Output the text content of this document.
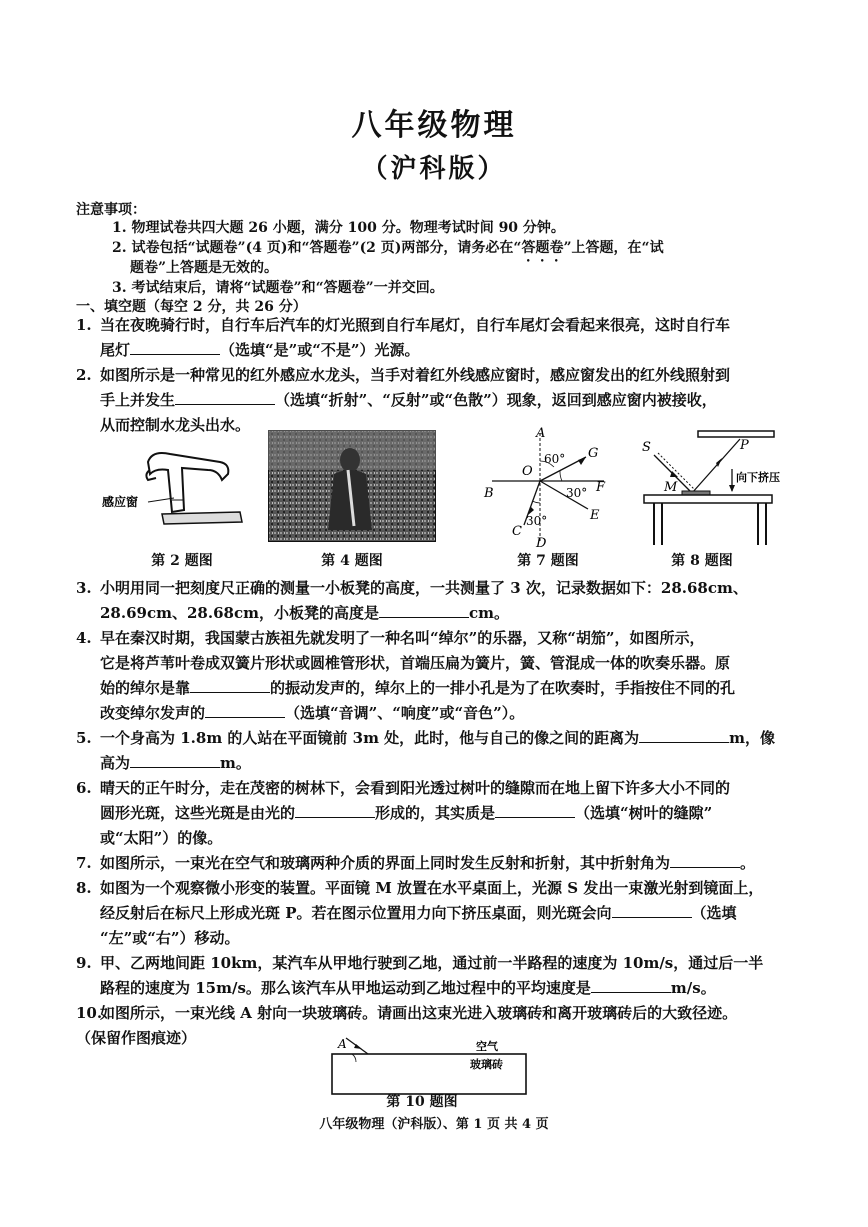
八年级物理
（沪科版）
注意事项：
1. 物理试卷共四大题 26 小题，满分 100 分。物理考试时间 90 分钟。
2. 试卷包括“试题卷”(4 页)和“答题卷”(2 页)两部分，请务必在“答题卷”上答题，在“试
题卷”上答题是无效的。
3. 考试结束后，请将“试题卷”和“答题卷”一并交回。
一、填空题（每空 2 分，共 26 分）
1. 当在夜晚骑行时，自行车后汽车的灯光照到自行车尾灯，自行车尾灯会看起来很亮，这时自行车
尾灯	（选填“是”或“不是”）光源。
2. 如图所示是一种常见的红外感应水龙头，当手对着红外线感应窗时，感应窗发出的红外线照射到
手上并发生	（选填“折射”、“反射”或“色散”）现象，返回到感应窗内被接收，
从而控制水龙头出水。
感应窗
第 2 题图	第 4 题图
A
B
C
D
E
F
G
O
60°
30°
30°
第 7 题图
S	P
M
向下挤压
第 8 题图
3. 小明用同一把刻度尺正确的测量一小板凳的高度，一共测量了 3 次，记录数据如下：28.68cm、
28.69cm、28.68cm，小板凳的高度是	cm。
4. 早在秦汉时期，我国蒙古族祖先就发明了一种名叫“绰尔”的乐器，又称“胡笳”，如图所示，
它是将芦苇叶卷成双簧片形状或圆椎管形状，首端压扁为簧片，簧、管混成一体的吹奏乐器。原
始的绰尔是靠	的振动发声的，绰尔上的一排小孔是为了在吹奏时，手指按住不同的孔
改变绰尔发声的	（选填“音调”、“响度”或“音色”）。
5. 一个身高为 1.8m 的人站在平面镜前 3m 处，此时，他与自己的像之间的距离为	m，像
高为	m。
6. 晴天的正午时分，走在茂密的树林下，会看到阳光透过树叶的缝隙而在地上留下许多大小不同的
圆形光斑，这些光斑是由光的	形成的，其实质是	（选填“树叶的缝隙”
或“太阳”）的像。
7. 如图所示，一束光在空气和玻璃两种介质的界面上同时发生反射和折射，其中折射角为	。
8. 如图为一个观察微小形变的装置。平面镜 M 放置在水平桌面上，光源 S 发出一束激光射到镜面上，
经反射后在标尺上形成光斑 P。若在图示位置用力向下挤压桌面，则光斑会向	（选填
“左”或“右”）移动。
9. 甲、乙两地间距 10km，某汽车从甲地行驶到乙地，通过前一半路程的速度为 10m/s，通过后一半
路程的速度为 15m/s。那么该汽车从甲地运动到乙地过程中的平均速度是	m/s。
10.如图所示，一束光线 A 射向一块玻璃砖。请画出这束光进入玻璃砖和离开玻璃砖后的大致径迹。
（保留作图痕迹）	A	空气
玻璃砖
第 10 题图
八年级物理（沪科版）、第 1 页 共 4 页
